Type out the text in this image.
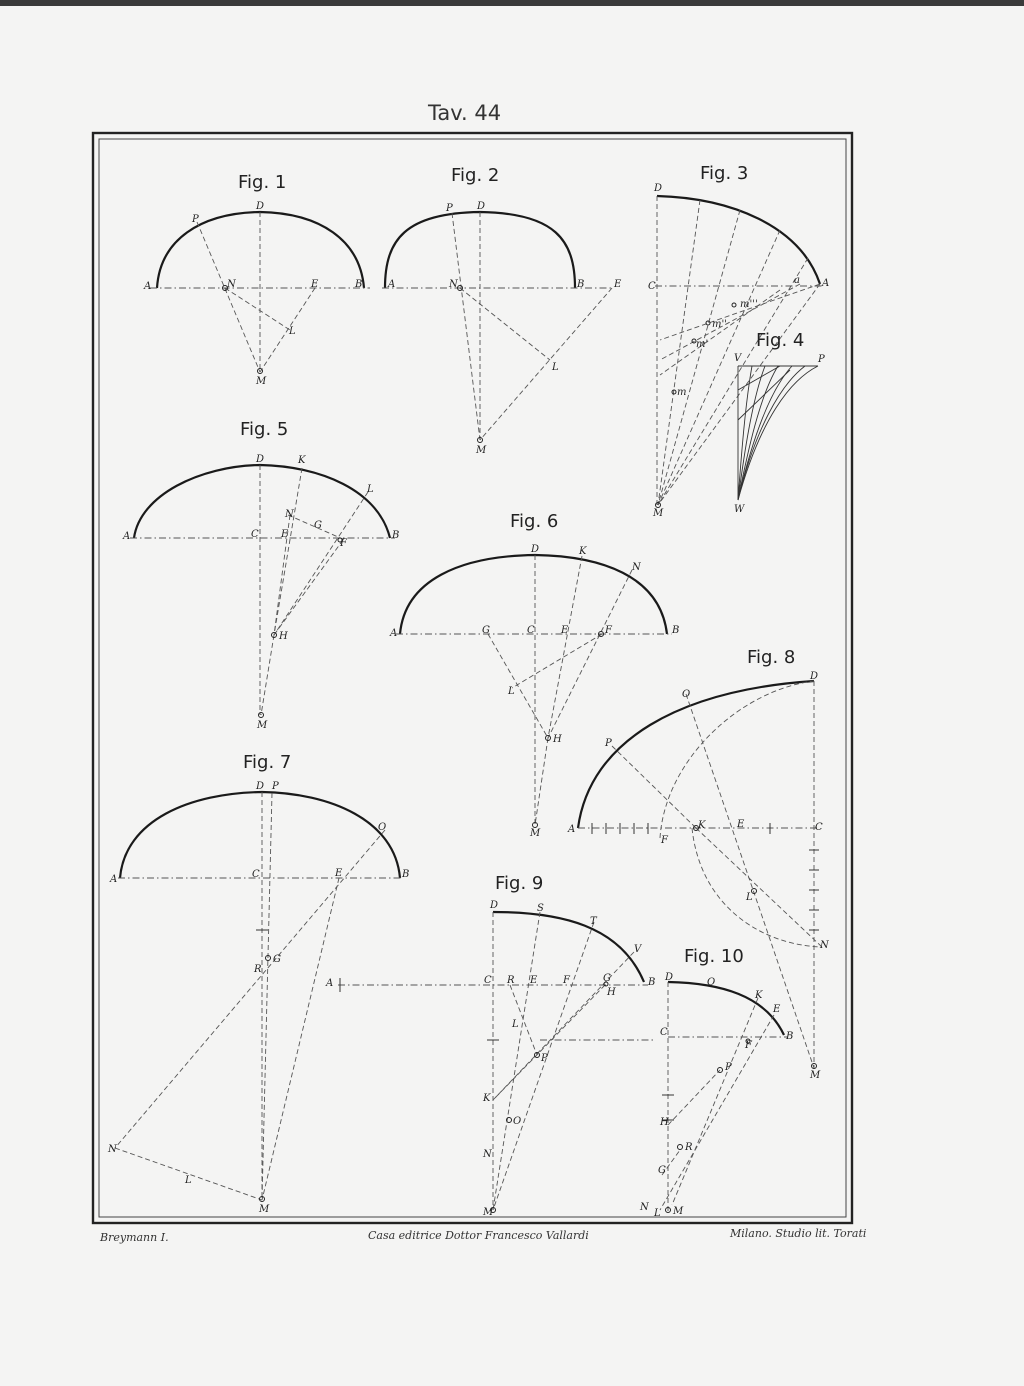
Tav. 44
Fig. 1
P
D
A	N	E	B
L
M
Fig. 2
P D
A	N	B	E
L
M
Fig. 3
D
C	A
a
m'''
m''
m'
m
M
Fig. 4
V	P
W
Fig. 5
D	K
L
A
N
G
C E
F
B
H
M
Fig. 6
D	K
N
A	G	C	E	F	B
L
H
M
Fig. 7
D P
O
A	C	E	B
R
G
N
L
M
Fig. 8
D
O
P
A	K	E	C
F
L
N
M
Fig. 9
D	S
T
V
A	C R E	F	G	B
H
L
P
K
O
N
M
Fig. 10
D	O
K
E
C	B
F
P
H
R
G
N
L M
Breymann I.	Casa editrice Dottor Francesco Vallardi	Milano. Studio lit. Torati
